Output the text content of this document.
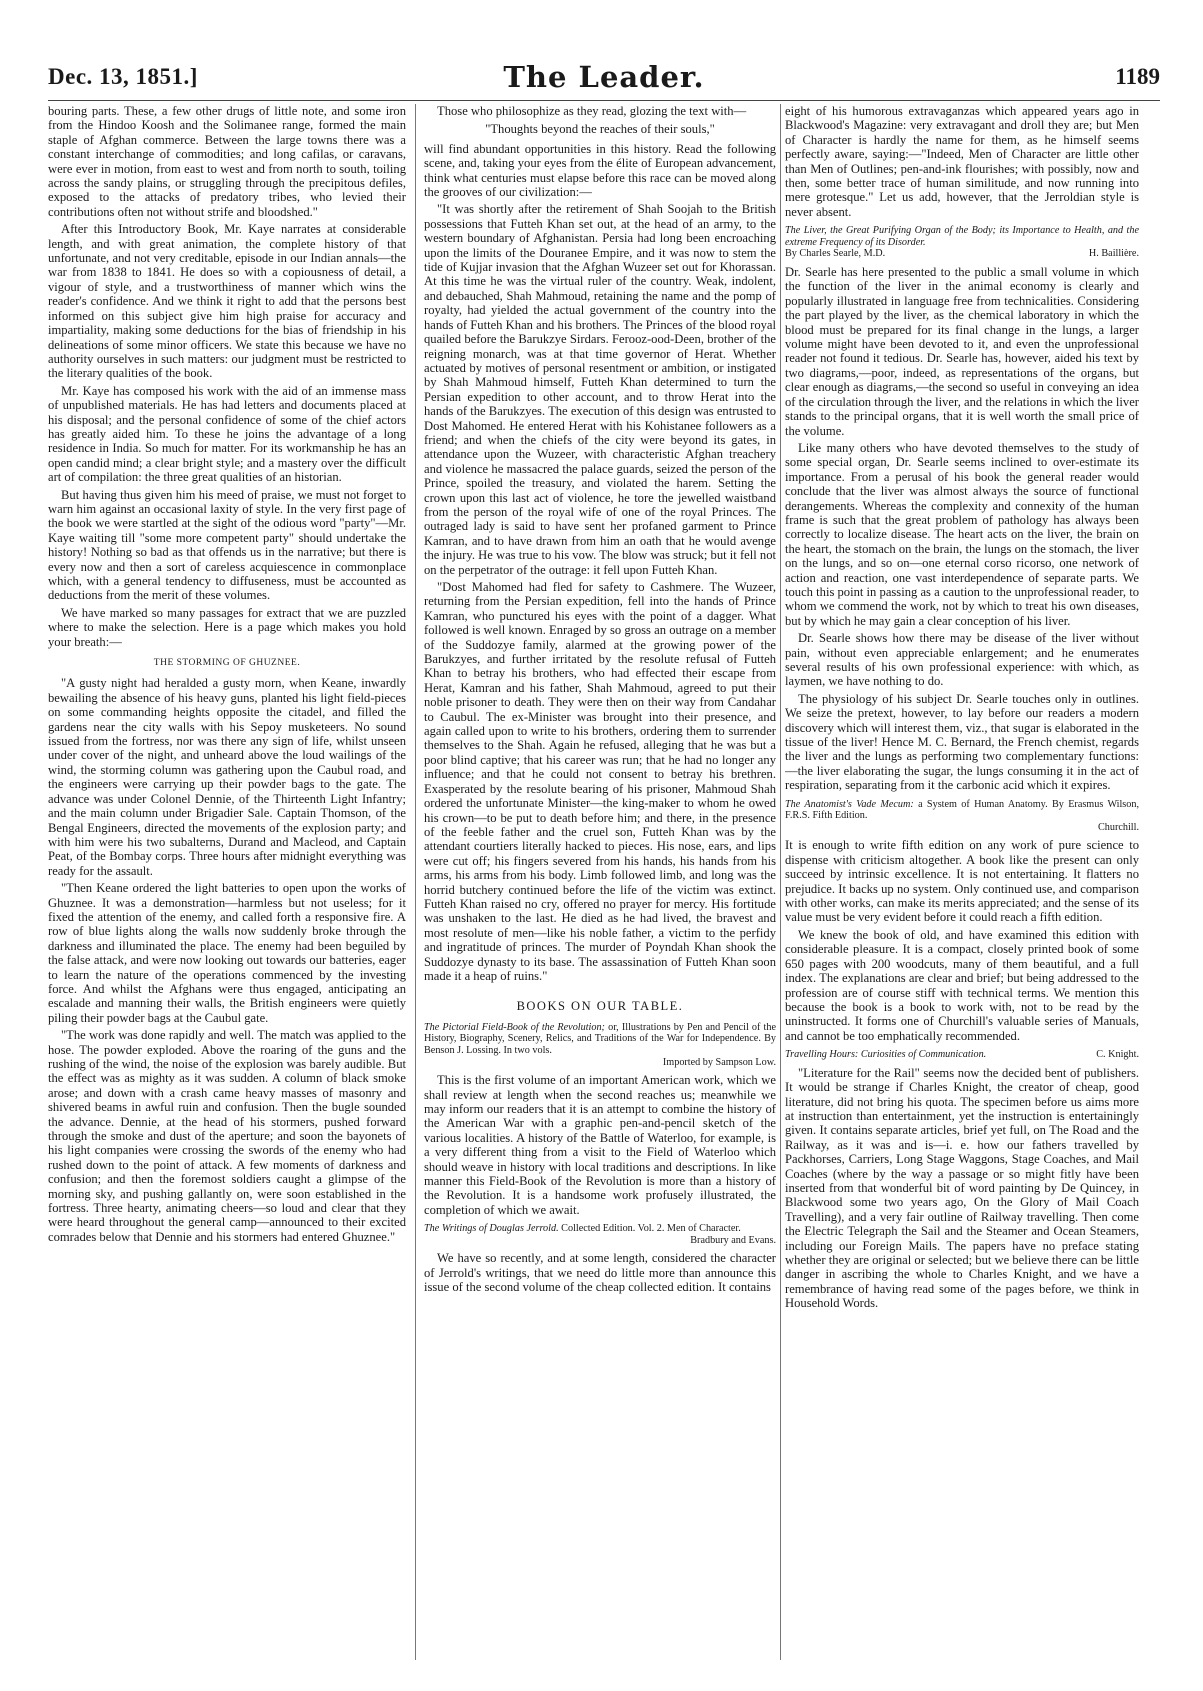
Dec. 13, 1851.]	The Leader.	1189

bouring parts. These, a few other drugs of little note, and some iron from the Hindoo Koosh and the Solimanee range, formed the main staple of Afghan commerce. Between the large towns there was a constant interchange of commodities; and long cafilas, or caravans, were ever in motion, from east to west and from north to south, toiling across the sandy plains, or struggling through the precipitous defiles, exposed to the attacks of predatory tribes, who levied their contributions often not without strife and bloodshed."

After this Introductory Book, Mr. Kaye narrates at considerable length, and with great animation, the complete history of that unfortunate, and not very creditable, episode in our Indian annals—the war from 1838 to 1841. He does so with a copiousness of detail, a vigour of style, and a trustworthiness of manner which wins the reader's confidence. And we think it right to add that the persons best informed on this subject give him high praise for accuracy and impartiality, making some deductions for the bias of friendship in his delineations of some minor officers. We state this because we have no authority ourselves in such matters: our judgment must be restricted to the literary qualities of the book.

Mr. Kaye has composed his work with the aid of an immense mass of unpublished materials. He has had letters and documents placed at his disposal; and the personal confidence of some of the chief actors has greatly aided him. To these he joins the advantage of a long residence in India. So much for matter. For its workmanship he has an open candid mind; a clear bright style; and a mastery over the difficult art of compilation: the three great qualities of an historian.

But having thus given him his meed of praise, we must not forget to warn him against an occasional laxity of style. In the very first page of the book we were startled at the sight of the odious word "party"—Mr. Kaye waiting till "some more competent party" should undertake the history! Nothing so bad as that offends us in the narrative; but there is every now and then a sort of careless acquiescence in commonplace which, with a general tendency to diffuseness, must be accounted as deductions from the merit of these volumes.

We have marked so many passages for extract that we are puzzled where to make the selection. Here is a page which makes you hold your breath:—

THE STORMING OF GHUZNEE.

"A gusty night had heralded a gusty morn, when Keane, inwardly bewailing the absence of his heavy guns, planted his light field-pieces on some commanding heights opposite the citadel, and filled the gardens near the city walls with his Sepoy musketeers. No sound issued from the fortress, nor was there any sign of life, whilst unseen under cover of the night, and unheard above the loud wailings of the wind, the storming column was gathering upon the Caubul road, and the engineers were carrying up their powder bags to the gate. The advance was under Colonel Dennie, of the Thirteenth Light Infantry; and the main column under Brigadier Sale. Captain Thomson, of the Bengal Engineers, directed the movements of the explosion party; and with him were his two subalterns, Durand and Macleod, and Captain Peat, of the Bombay corps. Three hours after midnight everything was ready for the assault.

"Then Keane ordered the light batteries to open upon the works of Ghuznee. It was a demonstration—harmless but not useless; for it fixed the attention of the enemy, and called forth a responsive fire. A row of blue lights along the walls now suddenly broke through the darkness and illuminated the place. The enemy had been beguiled by the false attack, and were now looking out towards our batteries, eager to learn the nature of the operations commenced by the investing force. And whilst the Afghans were thus engaged, anticipating an escalade and manning their walls, the British engineers were quietly piling their powder bags at the Caubul gate.

"The work was done rapidly and well. The match was applied to the hose. The powder exploded. Above the roaring of the guns and the rushing of the wind, the noise of the explosion was barely audible. But the effect was as mighty as it was sudden. A column of black smoke arose; and down with a crash came heavy masses of masonry and shivered beams in awful ruin and confusion. Then the bugle sounded the advance. Dennie, at the head of his stormers, pushed forward through the smoke and dust of the aperture; and soon the bayonets of his light companies were crossing the swords of the enemy who had rushed down to the point of attack. A few moments of darkness and confusion; and then the foremost soldiers caught a glimpse of the morning sky, and pushing gallantly on, were soon established in the fortress. Three hearty, animating cheers—so loud and clear that they were heard throughout the general camp—announced to their excited comrades below that Dennie and his stormers had entered Ghuznee."

Those who philosophize as they read, glozing the text with—

"Thoughts beyond the reaches of their souls,"

will find abundant opportunities in this history. Read the following scene, and, taking your eyes from the élite of European advancement, think what centuries must elapse before this race can be moved along the grooves of our civilization:—

"It was shortly after the retirement of Shah Soojah to the British possessions that Futteh Khan set out, at the head of an army, to the western boundary of Afghanistan. Persia had long been encroaching upon the limits of the Douranee Empire, and it was now to stem the tide of Kujjar invasion that the Afghan Wuzeer set out for Khorassan. At this time he was the virtual ruler of the country. Weak, indolent, and debauched, Shah Mahmoud, retaining the name and the pomp of royalty, had yielded the actual government of the country into the hands of Futteh Khan and his brothers. The Princes of the blood royal quailed before the Barukzye Sirdars. Ferooz-ood-Deen, brother of the reigning monarch, was at that time governor of Herat. Whether actuated by motives of personal resentment or ambition, or instigated by Shah Mahmoud himself, Futteh Khan determined to turn the Persian expedition to other account, and to throw Herat into the hands of the Barukzyes. The execution of this design was entrusted to Dost Mahomed. He entered Herat with his Kohistanee followers as a friend; and when the chiefs of the city were beyond its gates, in attendance upon the Wuzeer, with characteristic Afghan treachery and violence he massacred the palace guards, seized the person of the Prince, spoiled the treasury, and violated the harem. Setting the crown upon this last act of violence, he tore the jewelled waistband from the person of the royal wife of one of the royal Princes. The outraged lady is said to have sent her profaned garment to Prince Kamran, and to have drawn from him an oath that he would avenge the injury. He was true to his vow. The blow was struck; but it fell not on the perpetrator of the outrage: it fell upon Futteh Khan.

"Dost Mahomed had fled for safety to Cashmere. The Wuzeer, returning from the Persian expedition, fell into the hands of Prince Kamran, who punctured his eyes with the point of a dagger. What followed is well known. Enraged by so gross an outrage on a member of the Suddozye family, alarmed at the growing power of the Barukzyes, and further irritated by the resolute refusal of Futteh Khan to betray his brothers, who had effected their escape from Herat, Kamran and his father, Shah Mahmoud, agreed to put their noble prisoner to death. They were then on their way from Candahar to Caubul. The ex-Minister was brought into their presence, and again called upon to write to his brothers, ordering them to surrender themselves to the Shah. Again he refused, alleging that he was but a poor blind captive; that his career was run; that he had no longer any influence; and that he could not consent to betray his brethren. Exasperated by the resolute bearing of his prisoner, Mahmoud Shah ordered the unfortunate Minister—the king-maker to whom he owed his crown—to be put to death before him; and there, in the presence of the feeble father and the cruel son, Futteh Khan was by the attendant courtiers literally hacked to pieces. His nose, ears, and lips were cut off; his fingers severed from his hands, his hands from his arms, his arms from his body. Limb followed limb, and long was the horrid butchery continued before the life of the victim was extinct. Futteh Khan raised no cry, offered no prayer for mercy. His fortitude was unshaken to the last. He died as he had lived, the bravest and most resolute of men—like his noble father, a victim to the perfidy and ingratitude of princes. The murder of Poyndah Khan shook the Suddozye dynasty to its base. The assassination of Futteh Khan soon made it a heap of ruins."

BOOKS ON OUR TABLE.
The Pictorial Field-Book of the Revolution; or, Illustrations by Pen and Pencil of the History, Biography, Scenery, Relics, and Traditions of the War for Independence. By Benson J. Lossing. In two vols.
Imported by Sampson Low.

This is the first volume of an important American work, which we shall review at length when the second reaches us; meanwhile we may inform our readers that it is an attempt to combine the history of the American War with a graphic pen-and-pencil sketch of the various localities. A history of the Battle of Waterloo, for example, is a very different thing from a visit to the Field of Waterloo which should weave in history with local traditions and descriptions. In like manner this Field-Book of the Revolution is more than a history of the Revolution. It is a handsome work profusely illustrated, the completion of which we await.

The Writings of Douglas Jerrold. Collected Edition. Vol. 2. Men of Character.
Bradbury and Evans.

We have so recently, and at some length, considered the character of Jerrold's writings, that we need do little more than announce this issue of the second volume of the cheap collected edition. It contains

eight of his humorous extravaganzas which appeared years ago in Blackwood's Magazine: very extravagant and droll they are; but Men of Character is hardly the name for them, as he himself seems perfectly aware, saying:—"Indeed, Men of Character are little other than Men of Outlines; pen-and-ink flourishes; with possibly, now and then, some better trace of human similitude, and now running into mere grotesque." Let us add, however, that the Jerroldian style is never absent.

The Liver, the Great Purifying Organ of the Body; its Importance to Health, and the extreme Frequency of its Disorder.
By Charles Searle, M.D.	H. Baillière.

Dr. Searle has here presented to the public a small volume in which the function of the liver in the animal economy is clearly and popularly illustrated in language free from technicalities. Considering the part played by the liver, as the chemical laboratory in which the blood must be prepared for its final change in the lungs, a larger volume might have been devoted to it, and even the unprofessional reader not found it tedious. Dr. Searle has, however, aided his text by two diagrams,—poor, indeed, as representations of the organs, but clear enough as diagrams,—the second so useful in conveying an idea of the circulation through the liver, and the relations in which the liver stands to the principal organs, that it is well worth the small price of the volume.

Like many others who have devoted themselves to the study of some special organ, Dr. Searle seems inclined to over-estimate its importance. From a perusal of his book the general reader would conclude that the liver was almost always the source of functional derangements. Whereas the complexity and connexity of the human frame is such that the great problem of pathology has always been correctly to localize disease. The heart acts on the liver, the brain on the heart, the stomach on the brain, the lungs on the stomach, the liver on the lungs, and so on—one eternal corso ricorso, one network of action and reaction, one vast interdependence of separate parts. We touch this point in passing as a caution to the unprofessional reader, to whom we commend the work, not by which to treat his own diseases, but by which he may gain a clear conception of his liver.

Dr. Searle shows how there may be disease of the liver without pain, without even appreciable enlargement; and he enumerates several results of his own professional experience: with which, as laymen, we have nothing to do.

The physiology of his subject Dr. Searle touches only in outlines. We seize the pretext, however, to lay before our readers a modern discovery which will interest them, viz., that sugar is elaborated in the tissue of the liver! Hence M. C. Bernard, the French chemist, regards the liver and the lungs as performing two complementary functions:—the liver elaborating the sugar, the lungs consuming it in the act of respiration, separating from it the carbonic acid which it expires.

The Anatomist's Vade Mecum: a System of Human Anatomy. By Erasmus Wilson, F.R.S. Fifth Edition.
Churchill.

It is enough to write fifth edition on any work of pure science to dispense with criticism altogether. A book like the present can only succeed by intrinsic excellence. It is not entertaining. It flatters no prejudice. It backs up no system. Only continued use, and comparison with other works, can make its merits appreciated; and the sense of its value must be very evident before it could reach a fifth edition.

We knew the book of old, and have examined this edition with considerable pleasure. It is a compact, closely printed book of some 650 pages with 200 woodcuts, many of them beautiful, and a full index. The explanations are clear and brief; but being addressed to the profession are of course stiff with technical terms. We mention this because the book is a book to work with, not to be read by the uninstructed. It forms one of Churchill's valuable series of Manuals, and cannot be too emphatically recommended.

Travelling Hours: Curiosities of Communication.	C. Knight.

"Literature for the Rail" seems now the decided bent of publishers. It would be strange if Charles Knight, the creator of cheap, good literature, did not bring his quota. The specimen before us aims more at instruction than entertainment, yet the instruction is entertainingly given. It contains separate articles, brief yet full, on The Road and the Railway, as it was and is—i. e. how our fathers travelled by Packhorses, Carriers, Long Stage Waggons, Stage Coaches, and Mail Coaches (where by the way a passage or so might fitly have been inserted from that wonderful bit of word painting by De Quincey, in Blackwood some two years ago, On the Glory of Mail Coach Travelling), and a very fair outline of Railway travelling. Then come the Electric Telegraph the Sail and the Steamer and Ocean Steamers, including our Foreign Mails. The papers have no preface stating whether they are original or selected; but we believe there can be little danger in ascribing the whole to Charles Knight, and we have a remembrance of having read some of the pages before, we think in Household Words.
